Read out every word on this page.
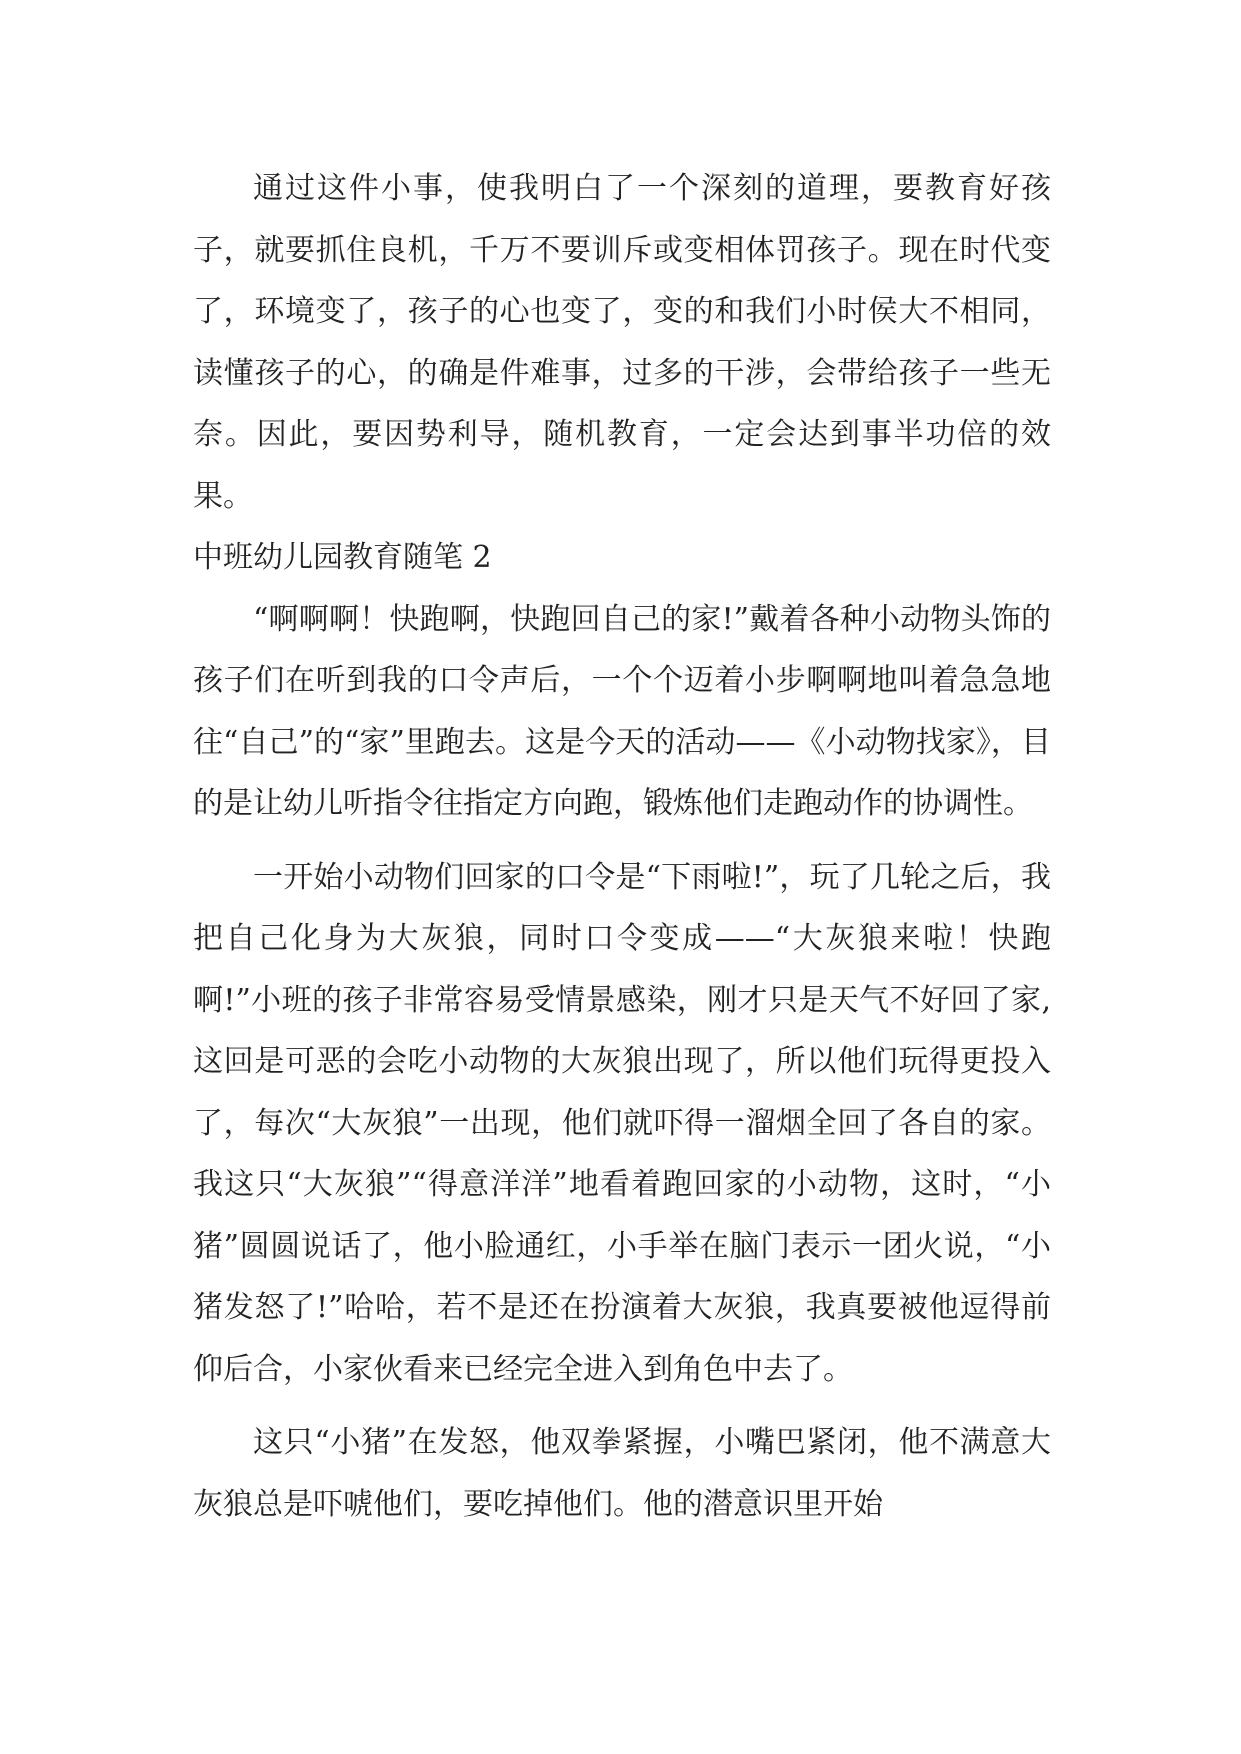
通过这件小事，使我明白了一个深刻的道理，要教育好孩子，就要抓住良机，千万不要训斥或变相体罚孩子。现在时代变了，环境变了，孩子的心也变了，变的和我们小时侯大不相同，读懂孩子的心，的确是件难事，过多的干涉，会带给孩子一些无奈。因此，要因势利导，随机教育，一定会达到事半功倍的效果。

中班幼儿园教育随笔 2

“啊啊啊！快跑啊，快跑回自己的家!”戴着各种小动物头饰的孩子们在听到我的口令声后，一个个迈着小步啊啊地叫着急急地往“自己”的“家”里跑去。这是今天的活动——《小动物找家》，目的是让幼儿听指令往指定方向跑，锻炼他们走跑动作的协调性。

一开始小动物们回家的口令是“下雨啦!”，玩了几轮之后，我把自己化身为大灰狼，同时口令变成——“大灰狼来啦！快跑啊!”小班的孩子非常容易受情景感染，刚才只是天气不好回了家,这回是可恶的会吃小动物的大灰狼出现了，所以他们玩得更投入了，每次“大灰狼”一出现，他们就吓得一溜烟全回了各自的家。我这只“大灰狼”“得意洋洋”地看着跑回家的小动物，这时，“小猪”圆圆说话了，他小脸通红，小手举在脑门表示一团火说，“小猪发怒了!”哈哈，若不是还在扮演着大灰狼，我真要被他逗得前仰后合，小家伙看来已经完全进入到角色中去了。

这只“小猪”在发怒，他双拳紧握，小嘴巴紧闭，他不满意大灰狼总是吓唬他们，要吃掉他们。他的潜意识里开始
